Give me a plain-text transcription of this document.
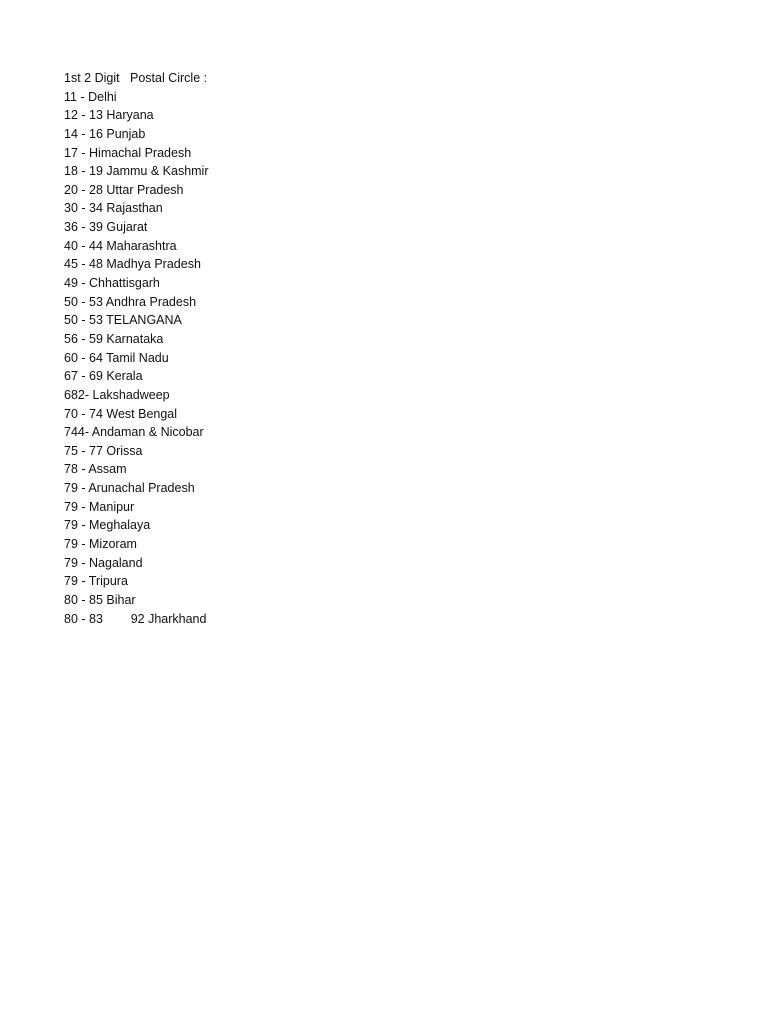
1st 2 Digit   Postal Circle :
11 - Delhi
12 - 13 Haryana
14 - 16 Punjab
17 - Himachal Pradesh
18 - 19 Jammu & Kashmir
20 - 28 Uttar Pradesh
30 - 34 Rajasthan
36 - 39 Gujarat
40 - 44 Maharashtra
45 - 48 Madhya Pradesh
49 - Chhattisgarh
50 - 53 Andhra Pradesh
50 - 53 TELANGANA
56 - 59 Karnataka
60 - 64 Tamil Nadu
67 - 69 Kerala
682- Lakshadweep
70 - 74 West Bengal
744- Andaman & Nicobar
75 - 77 Orissa
78 - Assam
79 - Arunachal Pradesh
79 - Manipur
79 - Meghalaya
79 - Mizoram
79 - Nagaland
79 - Tripura
80 - 85 Bihar
80 - 83        92 Jharkhand
